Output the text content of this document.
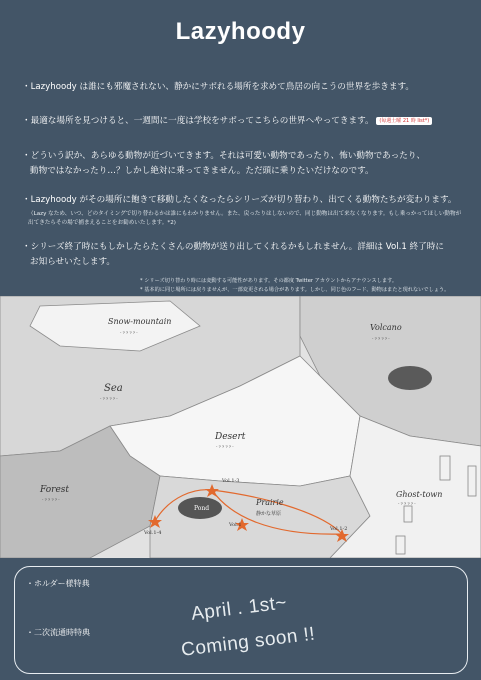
Lazyhoody
・Lazyhoody は誰にも邪魔されない、静かにサボれる場所を求めて鳥居の向こうの世界を歩きます。
・最適な場所を見つけると、一週間に一度は学校をサボってこちらの世界へやってきます。 (毎週土曜 21 時 list*)
・どういう訳か、あらゆる動物が近づいてきます。それは可愛い動物であったり、怖い動物であったり、
動物ではなかったり…？しかし絶対に乗ってきません。ただ頭に乗りたいだけなのです。
・Lazyhoody がその場所に飽きて移動したくなったらシリーズが切り替わり、出てくる動物たちが変わります。
（Lazy なため、いつ、どのタイミングで切り替わるかは誰にもわかりません。また、戻ったりはしないので、同じ動物は出て来なくなります。もし乗っかってほしい動物が
出てきたらその場で捕まえることをお勧めいたします。*2)
・シリーズ終了時にもしかしたらたくさんの動物が送り出してくれるかもしれません。詳細は Vol.1 終了時に
お知らせいたします。
* シリーズ切り替わり時には変動する可能性があります。その都度 Twitter アカウントからアナウンスします。
* 基本的に同じ場所には戻りませんが、一部変更される場合があります。しかし、同じ色のフード、動物はまたと現れないでしょう。
Snow-mountain
- ? ? ? ? -
Volcano
- ? ? ? ? -
Sea
- ? ? ? ? -
Desert
- ? ? ? ? -
Forest
- ? ? ? ? -
Pond
Prairie
静かな草原
Ghost-town
- ? ? ? ? -
Vol.1
Vol.1-2
Vol.1-3
Vol.1-4
・ホルダー様特典
・二次流通時特典
April . 1st~
Coming soon !!
